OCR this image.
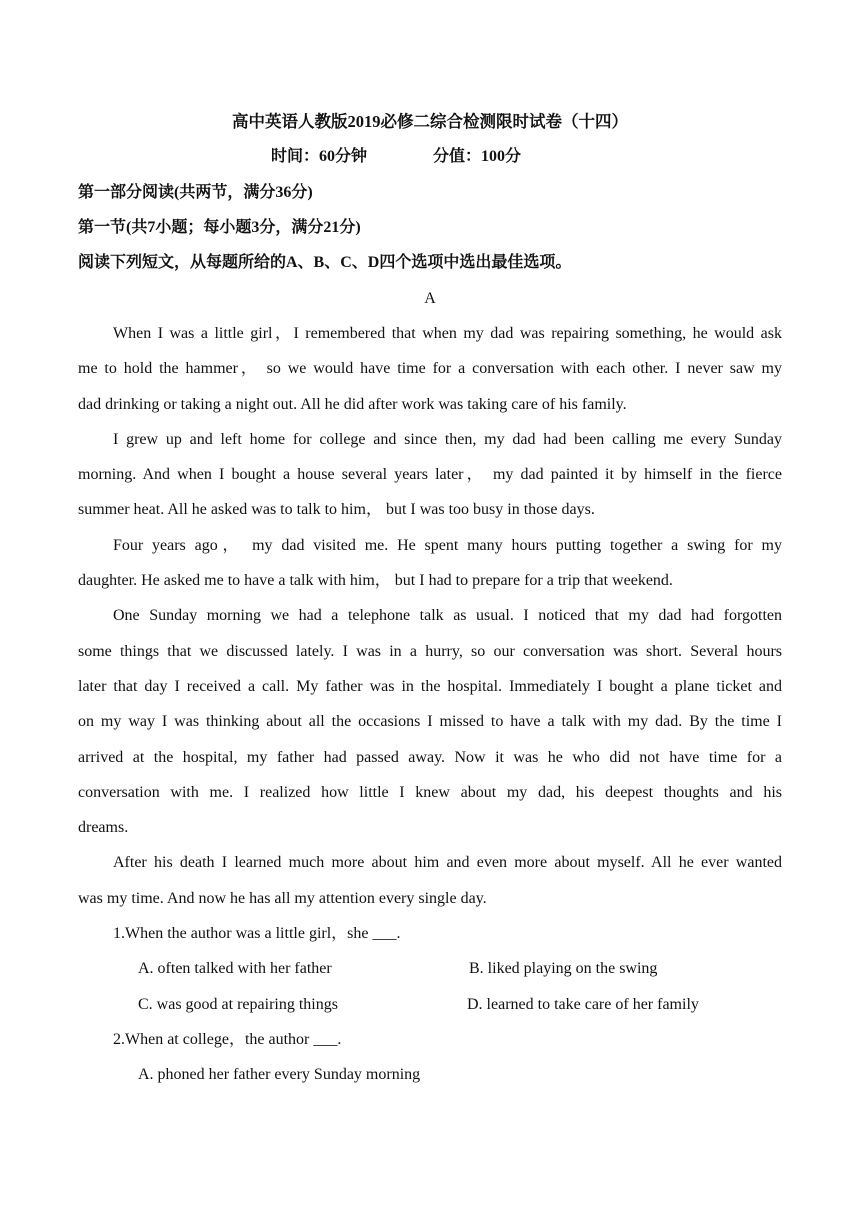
高中英语人教版2019必修二综合检测限时试卷（十四）
时间：60分钟	分值：100分
第一部分阅读(共两节，满分36分)
第一节(共7小题；每小题3分，满分21分)
阅读下列短文，从每题所给的A、B、C、D四个选项中选出最佳选项。
A
When I was a little girl，I remembered that when my dad was repairing something, he would ask
me to hold the hammer， so we would have time for a conversation with each other. I never saw my
dad drinking or taking a night out. All he did after work was taking care of his family.
I grew up and left home for college and since then, my dad had been calling me every Sunday
morning. And when I bought a house several years later， my dad painted it by himself in the fierce
summer heat. All he asked was to talk to him， but I was too busy in those days.
Four years ago， my dad visited me. He spent many hours putting together a swing for my
daughter. He asked me to have a talk with him， but I had to prepare for a trip that weekend.
One Sunday morning we had a telephone talk as usual. I noticed that my dad had forgotten
some things that we discussed lately. I was in a hurry, so our conversation was short. Several hours
later that day I received a call. My father was in the hospital. Immediately I bought a plane ticket and
on my way I was thinking about all the occasions I missed to have a talk with my dad. By the time I
arrived at the hospital, my father had passed away. Now it was he who did not have time for a
conversation with me. I realized how little I knew about my dad, his deepest thoughts and his
dreams.
After his death I learned much more about him and even more about myself. All he ever wanted
was my time. And now he has all my attention every single day.
1.When the author was a little girl，she ___.
A. often talked with her father	B. liked playing on the swing
C. was good at repairing things	D. learned to take care of her family
2.When at college，the author ___.
A. phoned her father every Sunday morning
